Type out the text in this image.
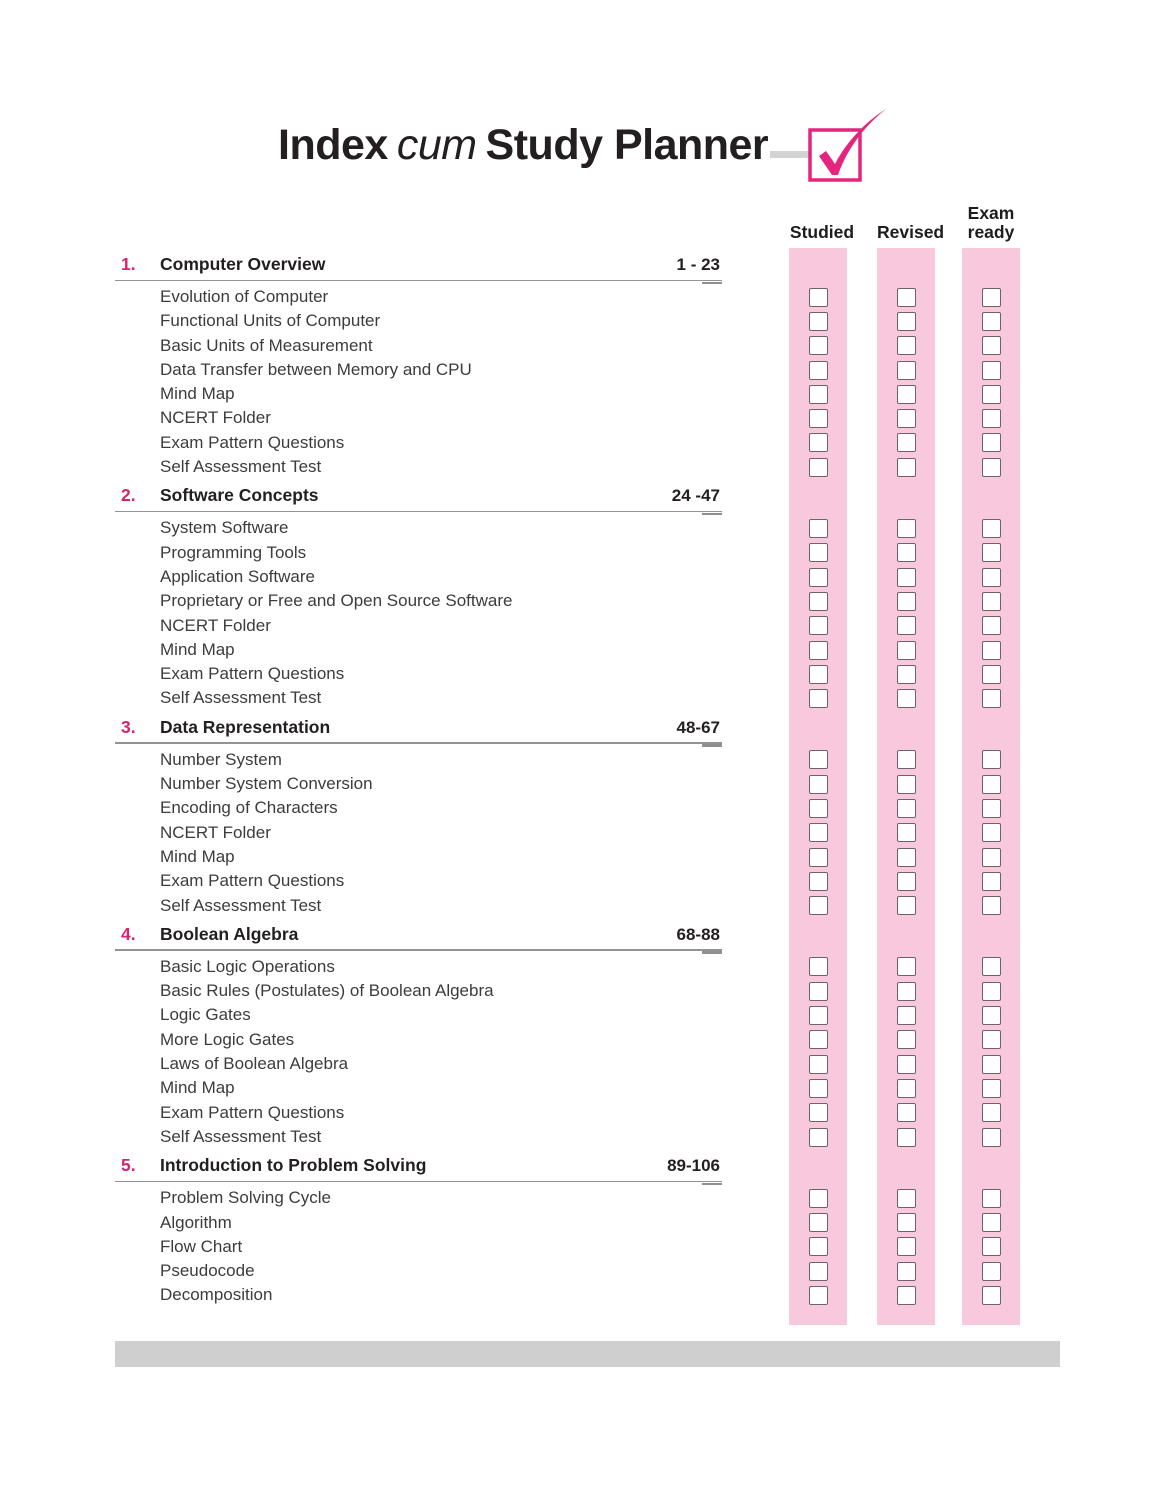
Index cum Study Planner
Studied Revised
Exam ready
1. Computer Overview	1 - 23
Evolution of Computer
Functional Units of Computer
Basic Units of Measurement
Data Transfer between Memory and CPU
Mind Map
NCERT Folder
Exam Pattern Questions
Self Assessment Test
2. Software Concepts	24 -47
System Software
Programming Tools
Application Software
Proprietary or Free and Open Source Software
NCERT Folder
Mind Map
Exam Pattern Questions
Self Assessment Test
3. Data Representation	48-67
Number System
Number System Conversion
Encoding of Characters
NCERT Folder
Mind Map
Exam Pattern Questions
Self Assessment Test
4. Boolean Algebra	68-88
Basic Logic Operations
Basic Rules (Postulates) of Boolean Algebra
Logic Gates
More Logic Gates
Laws of Boolean Algebra
Mind Map
Exam Pattern Questions
Self Assessment Test
5. Introduction to Problem Solving	89-106
Problem Solving Cycle
Algorithm
Flow Chart
Pseudocode
Decomposition
